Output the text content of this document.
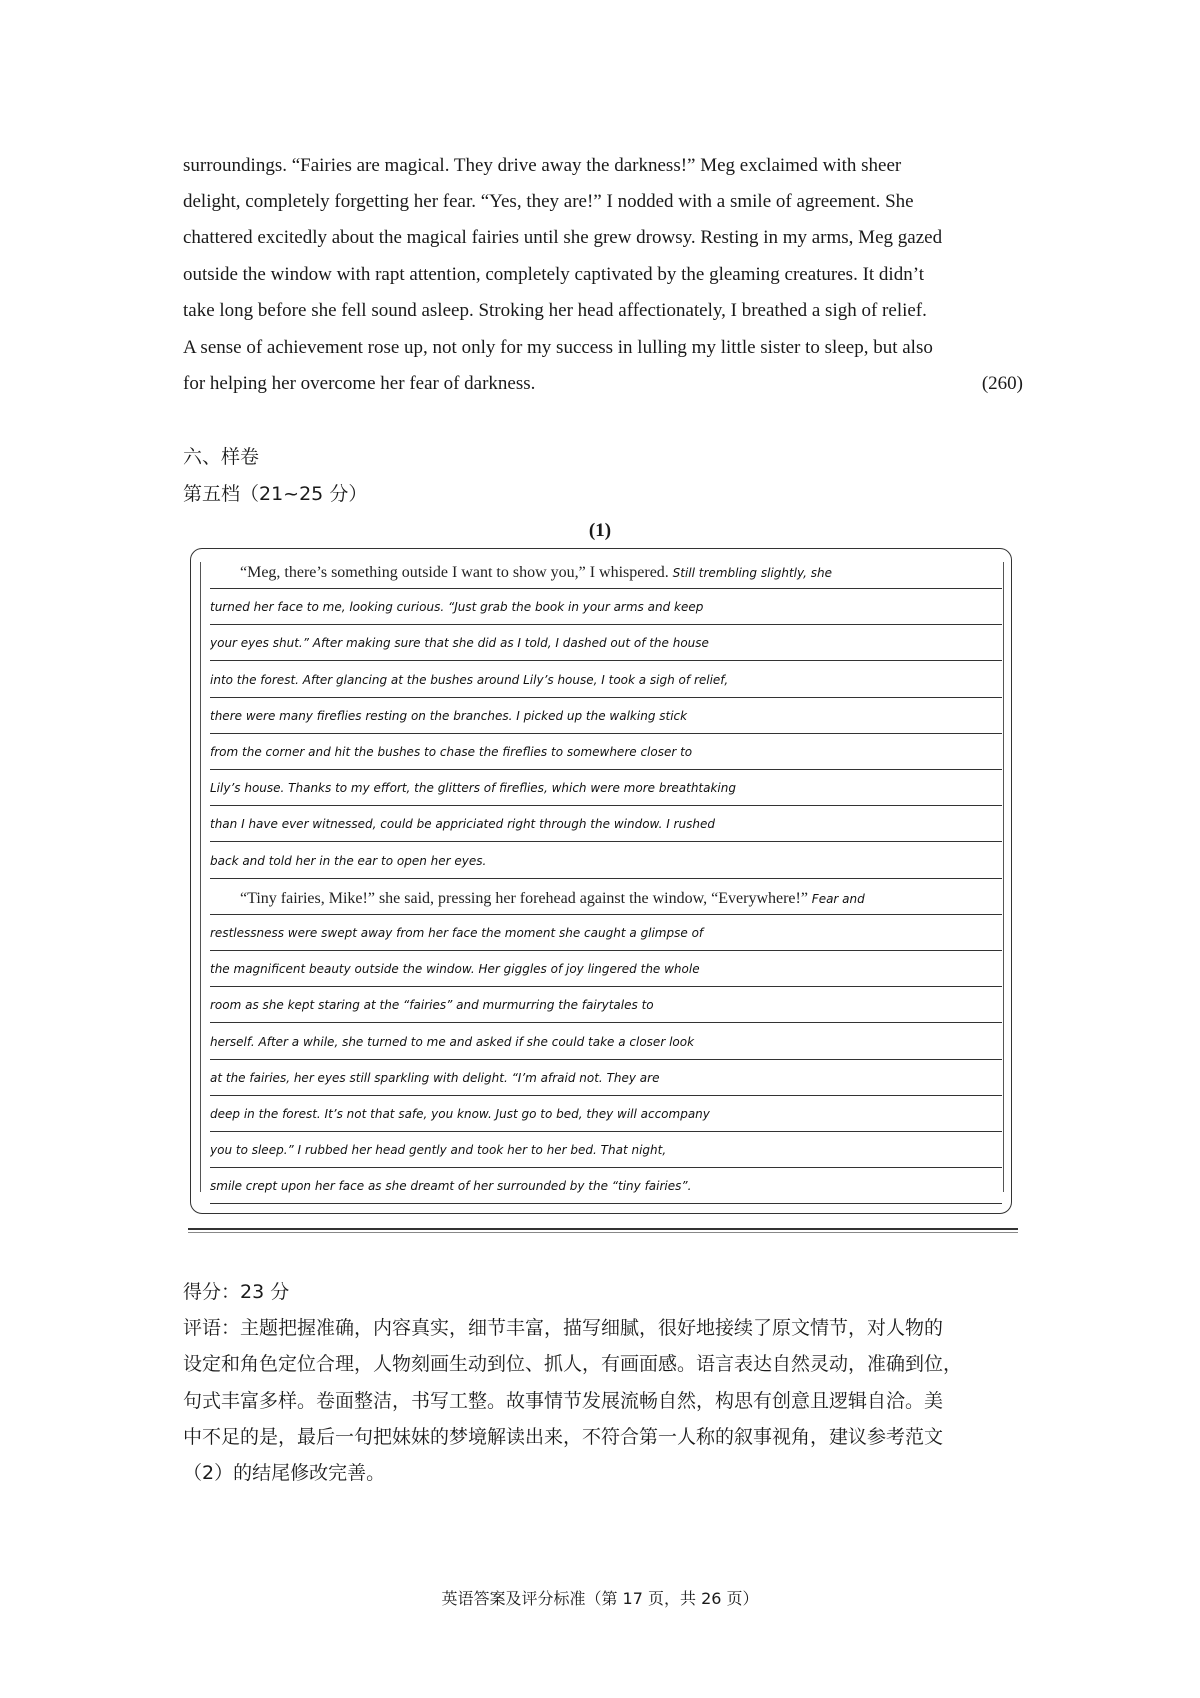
surroundings. “Fairies are magical. They drive away the darkness!” Meg exclaimed with sheer

delight, completely forgetting her fear. “Yes, they are!” I nodded with a smile of agreement. She

chattered excitedly about the magical fairies until she grew drowsy. Resting in my arms, Meg gazed

outside the window with rapt attention, completely captivated by the gleaming creatures. It didn’t

take long before she fell sound asleep. Stroking her head affectionately, I breathed a sigh of relief.

A sense of achievement rose up, not only for my success in lulling my little sister to sleep, but also

for helping her overcome her fear of darkness.	(260)

六、样卷

第五档（21~25 分）

(1)
“Meg, there’s something outside I want to show you,” I whispered. Still trembling slightly, she
turned her face to me, looking curious. “Just grab the book in your arms and keep
your eyes shut.” After making sure that she did as I told, I dashed out of the house
into the forest. After glancing at the bushes around Lily’s house, I took a sigh of relief,
there were many fireflies resting on the branches. I picked up the walking stick
from the corner and hit the bushes to chase the fireflies to somewhere closer to
Lily’s house. Thanks to my effort, the glitters of fireflies, which were more breathtaking
than I have ever witnessed, could be appriciated right through the window. I rushed
back and told her in the ear to open her eyes.
“Tiny fairies, Mike!” she said, pressing her forehead against the window, “Everywhere!” Fear and
restlessness were swept away from her face the moment she caught a glimpse of
the magnificent beauty outside the window. Her giggles of joy lingered the whole
room as she kept staring at the “fairies” and murmurring the fairytales to
herself. After a while, she turned to me and asked if she could take a closer look
at the fairies, her eyes still sparkling with delight. “I’m afraid not. They are
deep in the forest. It’s not that safe, you know. Just go to bed, they will accompany
you to sleep.” I rubbed her head gently and took her to her bed. That night,
smile crept upon her face as she dreamt of her surrounded by the “tiny fairies”.

得分：23 分

评语：主题把握准确，内容真实，细节丰富，描写细腻，很好地接续了原文情节，对人物的

设定和角色定位合理，人物刻画生动到位、抓人，有画面感。语言表达自然灵动，准确到位，

句式丰富多样。卷面整洁，书写工整。故事情节发展流畅自然，构思有创意且逻辑自洽。美

中不足的是，最后一句把妹妹的梦境解读出来，不符合第一人称的叙事视角，建议参考范文

（2）的结尾修改完善。

英语答案及评分标准（第 17 页，共 26 页）
